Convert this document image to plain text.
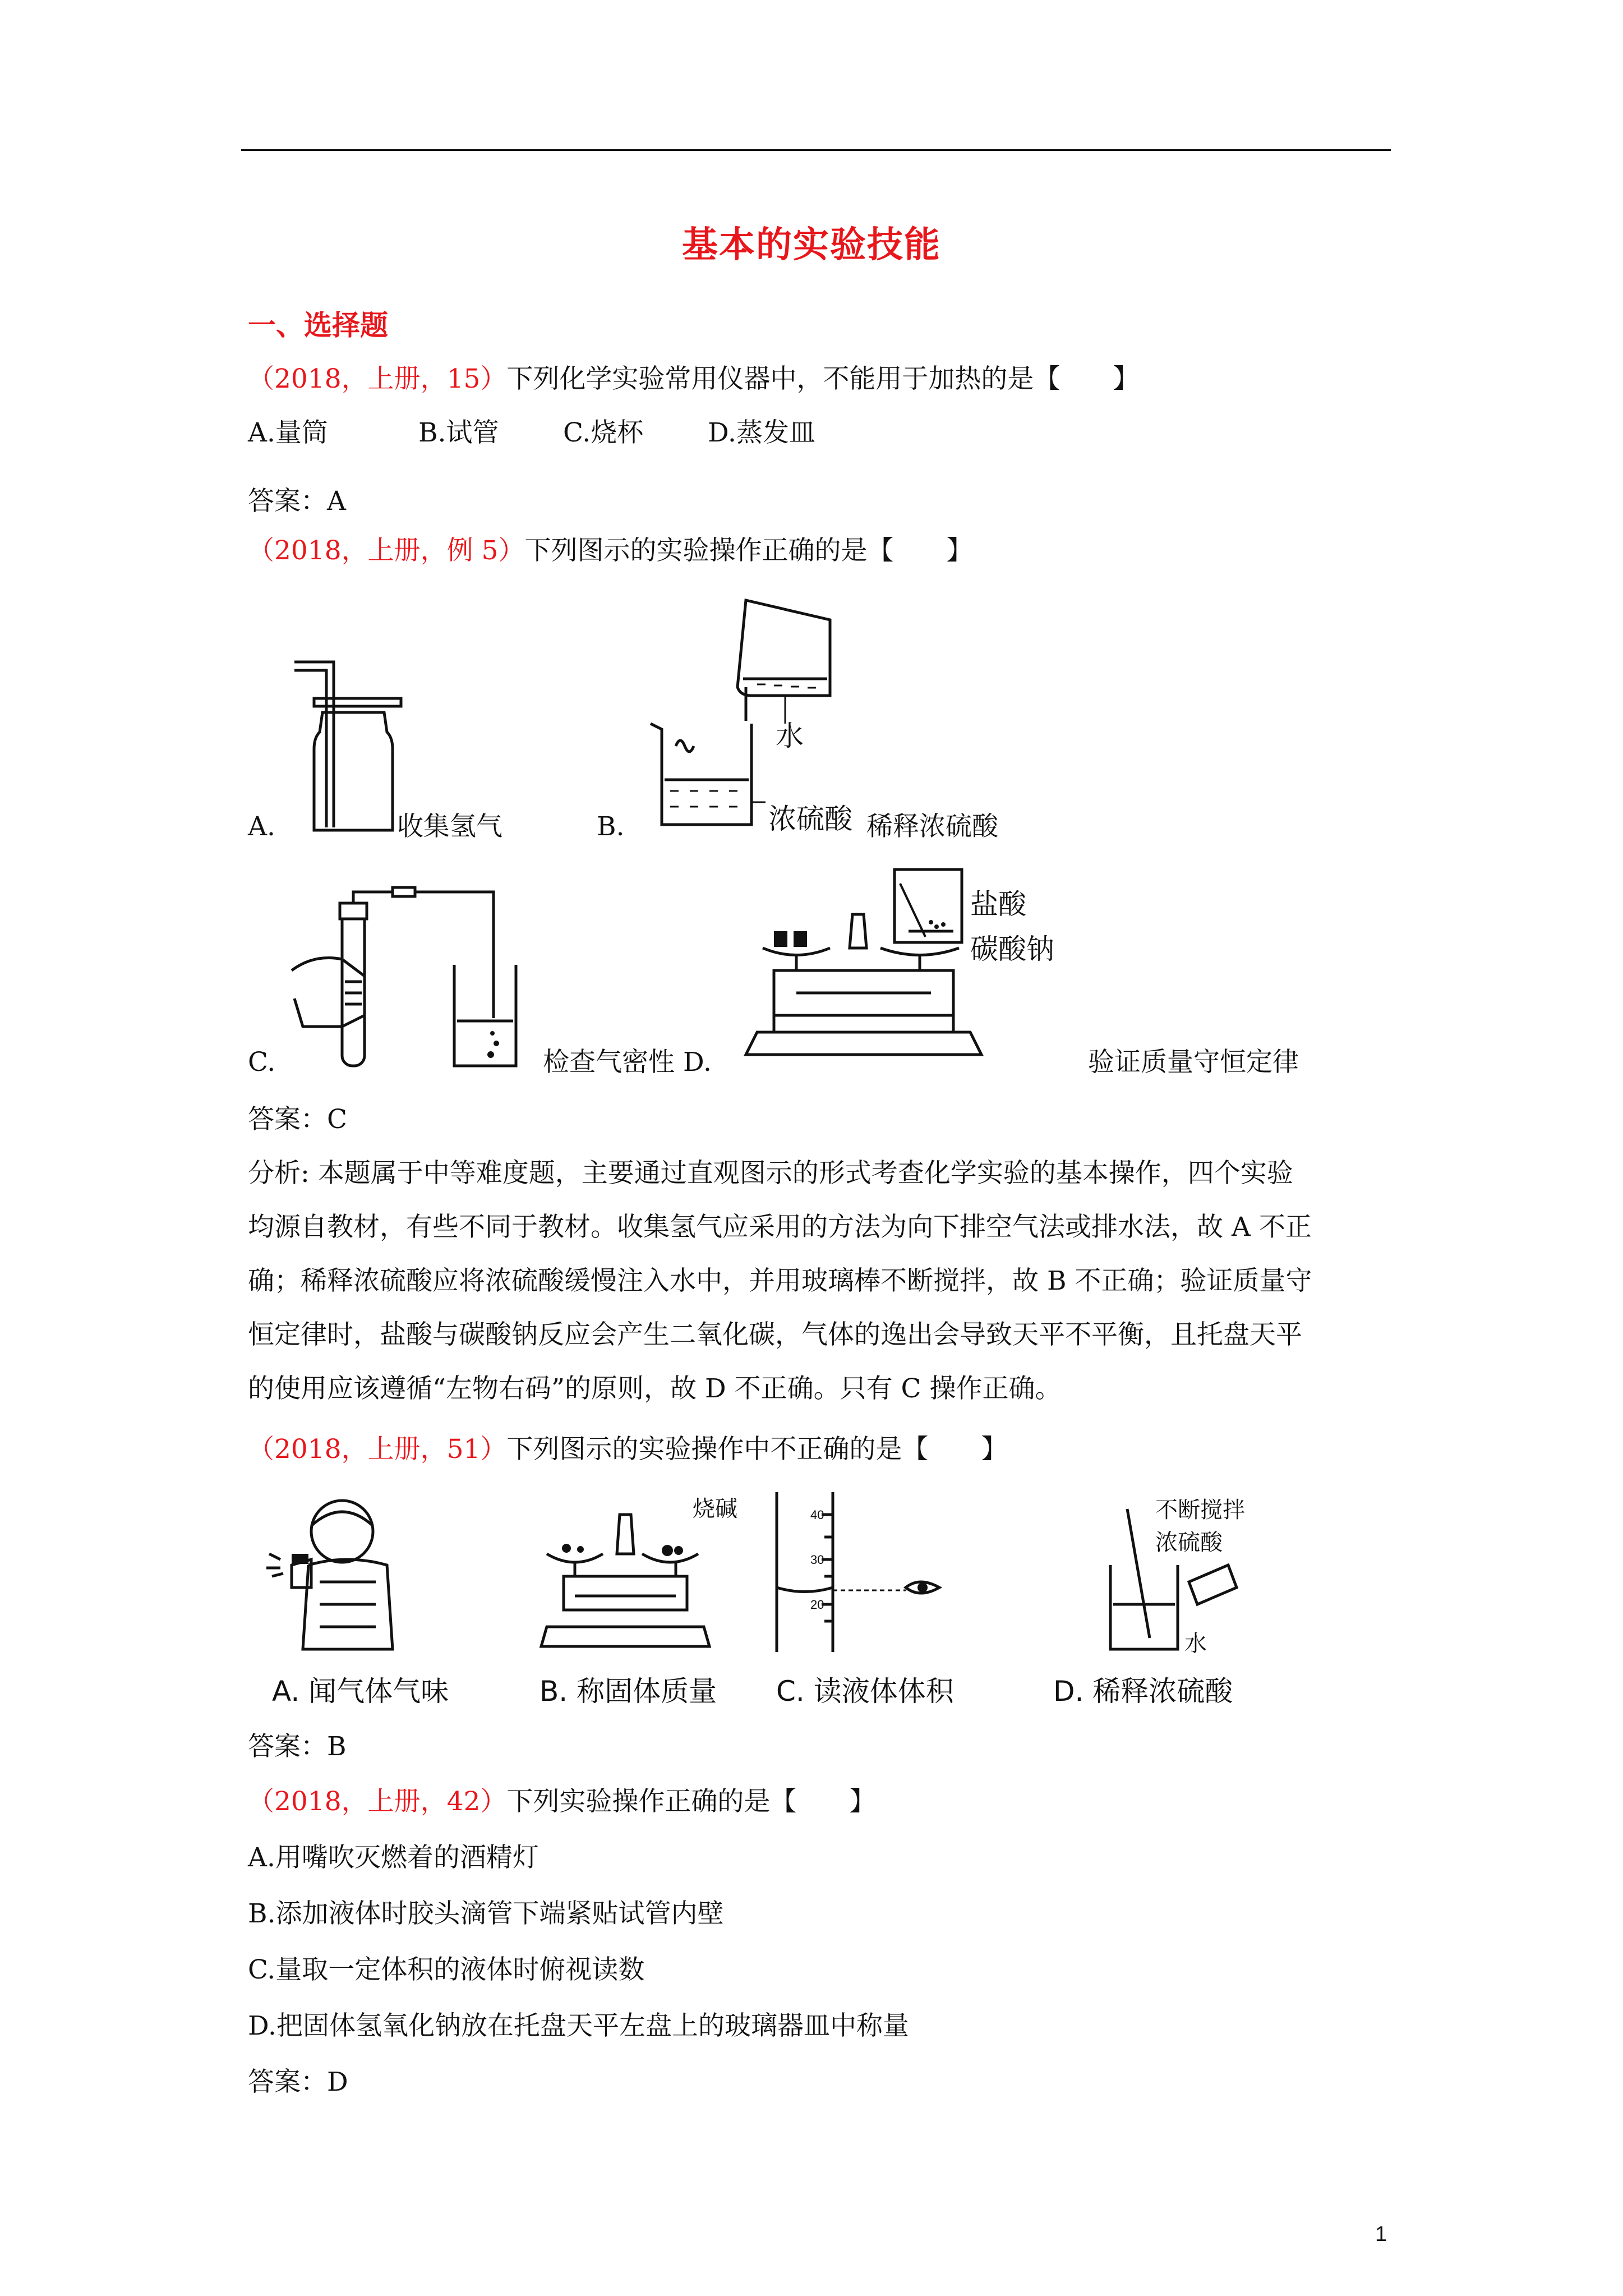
基本的实验技能
一、选择题
（2018，上册，15）下列化学实验常用仪器中，不能用于加热的是【　　】
A.量筒	B.试管 C.烧杯 D.蒸发皿
答案：A
（2018，上册，例 5）下列图示的实验操作正确的是【　　】
A.	收集氢气	B.
水
浓硫酸 稀释浓硫酸
C.	检查气密性 D.
盐酸
碳酸钠
验证质量守恒定律
答案：C
分析: 本题属于中等难度题，主要通过直观图示的形式考查化学实验的基本操作，四个实验
均源自教材，有些不同于教材。收集氢气应采用的方法为向下排空气法或排水法，故 A 不正
确；稀释浓硫酸应将浓硫酸缓慢注入水中，并用玻璃棒不断搅拌，故 B 不正确；验证质量守
恒定律时，盐酸与碳酸钠反应会产生二氧化碳，气体的逸出会导致天平不平衡，且托盘天平
的使用应该遵循“左物右码”的原则，故 D 不正确。只有 C 操作正确。
（2018，上册，51）下列图示的实验操作中不正确的是【　　】
A. 闻气体气味
烧碱
B. 称固体质量
40
30
20
C. 读液体体积
不断搅拌
浓硫酸
水
D. 稀释浓硫酸
答案：B
（2018，上册，42）下列实验操作正确的是【　　】
A.用嘴吹灭燃着的酒精灯
B.添加液体时胶头滴管下端紧贴试管内壁
C.量取一定体积的液体时俯视读数
D.把固体氢氧化钠放在托盘天平左盘上的玻璃器皿中称量
答案：D
1
